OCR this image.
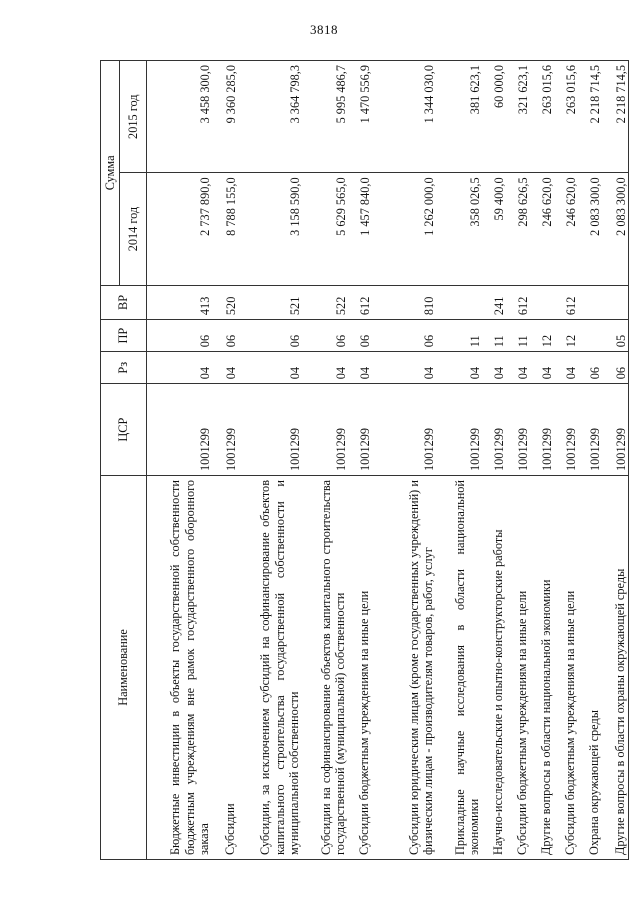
3818
Наименование	ЦСР	Рз	ПР	ВР	Сумма	
					2014 год	2015 год
Бюджетные инвестиции в объекты государственной собственности бюджетным учреждениям вне рамок государственного оборонного заказа	1001299	04	06	413	2 737 890,0	3 458 300,0
Субсидии	1001299	04	06	520	8 788 155,0	9 360 285,0
Субсидии, за исключением субсидий на софинансирование объектов капитального строительства государственной собственности и муниципальной собственности	1001299	04	06	521	3 158 590,0	3 364 798,3
Субсидии на софинансирование объектов капитального строительства государственной (муниципальной) собственности	1001299	04	06	522	5 629 565,0	5 995 486,7
Субсидии бюджетным учреждениям на иные цели	1001299	04	06	612	1 457 840,0	1 470 556,9
Субсидии юридическим лицам (кроме государственных учреждений) и физическим лицам - производителям товаров, работ, услуг	1001299	04	06	810	1 262 000,0	1 344 030,0
Прикладные научные исследования в области национальной экономики	1001299	04	11		358 026,5	381 623,1
Научно-исследовательские и опытно-конструкторские работы	1001299	04	11	241	59 400,0	60 000,0
Субсидии бюджетным учреждениям на иные цели	1001299	04	11	612	298 626,5	321 623,1
Другие вопросы в области национальной экономики	1001299	04	12		246 620,0	263 015,6
Субсидии бюджетным учреждениям на иные цели	1001299	04	12	612	246 620,0	263 015,6
Охрана окружающей среды	1001299	06			2 083 300,0	2 218 714,5
Другие вопросы в области охраны окружающей среды	1001299	06	05		2 083 300,0	2 218 714,5
